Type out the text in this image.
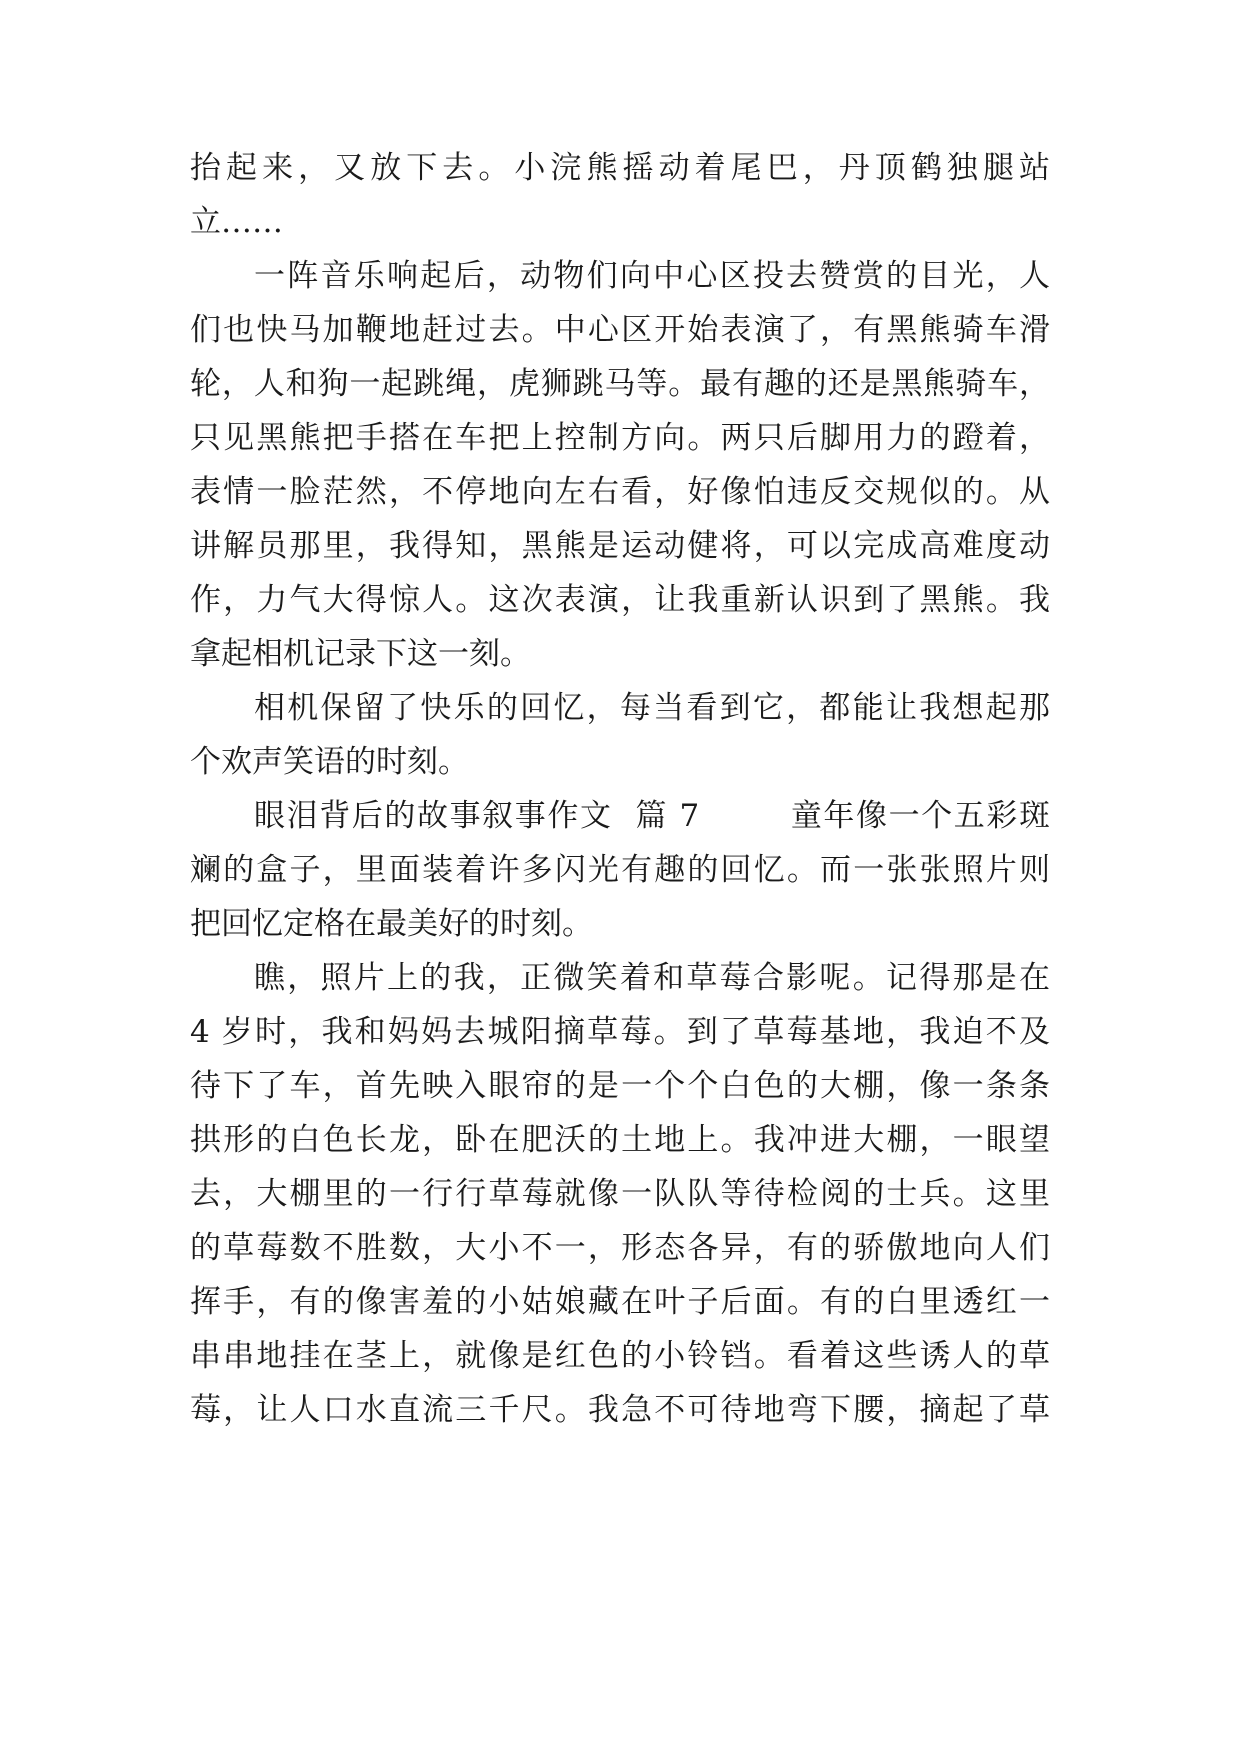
抬起来，又放下去。小浣熊摇动着尾巴，丹顶鹤独腿站
立……
一阵音乐响起后，动物们向中心区投去赞赏的目光，人
们也快马加鞭地赶过去。中心区开始表演了，有黑熊骑车滑
轮，人和狗一起跳绳，虎狮跳马等。最有趣的还是黑熊骑车，
只见黑熊把手搭在车把上控制方向。两只后脚用力的蹬着，
表情一脸茫然，不停地向左右看，好像怕违反交规似的。从
讲解员那里，我得知，黑熊是运动健将，可以完成高难度动
作，力气大得惊人。这次表演，让我重新认识到了黑熊。我
拿起相机记录下这一刻。
相机保留了快乐的回忆，每当看到它，都能让我想起那
个欢声笑语的时刻。
眼泪背后的故事叙事作文  篇 7        童年像一个五彩斑
斓的盒子，里面装着许多闪光有趣的回忆。而一张张照片则
把回忆定格在最美好的时刻。
瞧，照片上的我，正微笑着和草莓合影呢。记得那是在
4 岁时，我和妈妈去城阳摘草莓。到了草莓基地，我迫不及
待下了车，首先映入眼帘的是一个个白色的大棚，像一条条
拱形的白色长龙，卧在肥沃的土地上。我冲进大棚，一眼望
去，大棚里的一行行草莓就像一队队等待检阅的士兵。这里
的草莓数不胜数，大小不一，形态各异，有的骄傲地向人们
挥手，有的像害羞的小姑娘藏在叶子后面。有的白里透红一
串串地挂在茎上，就像是红色的小铃铛。看着这些诱人的草
莓，让人口水直流三千尺。我急不可待地弯下腰，摘起了草
